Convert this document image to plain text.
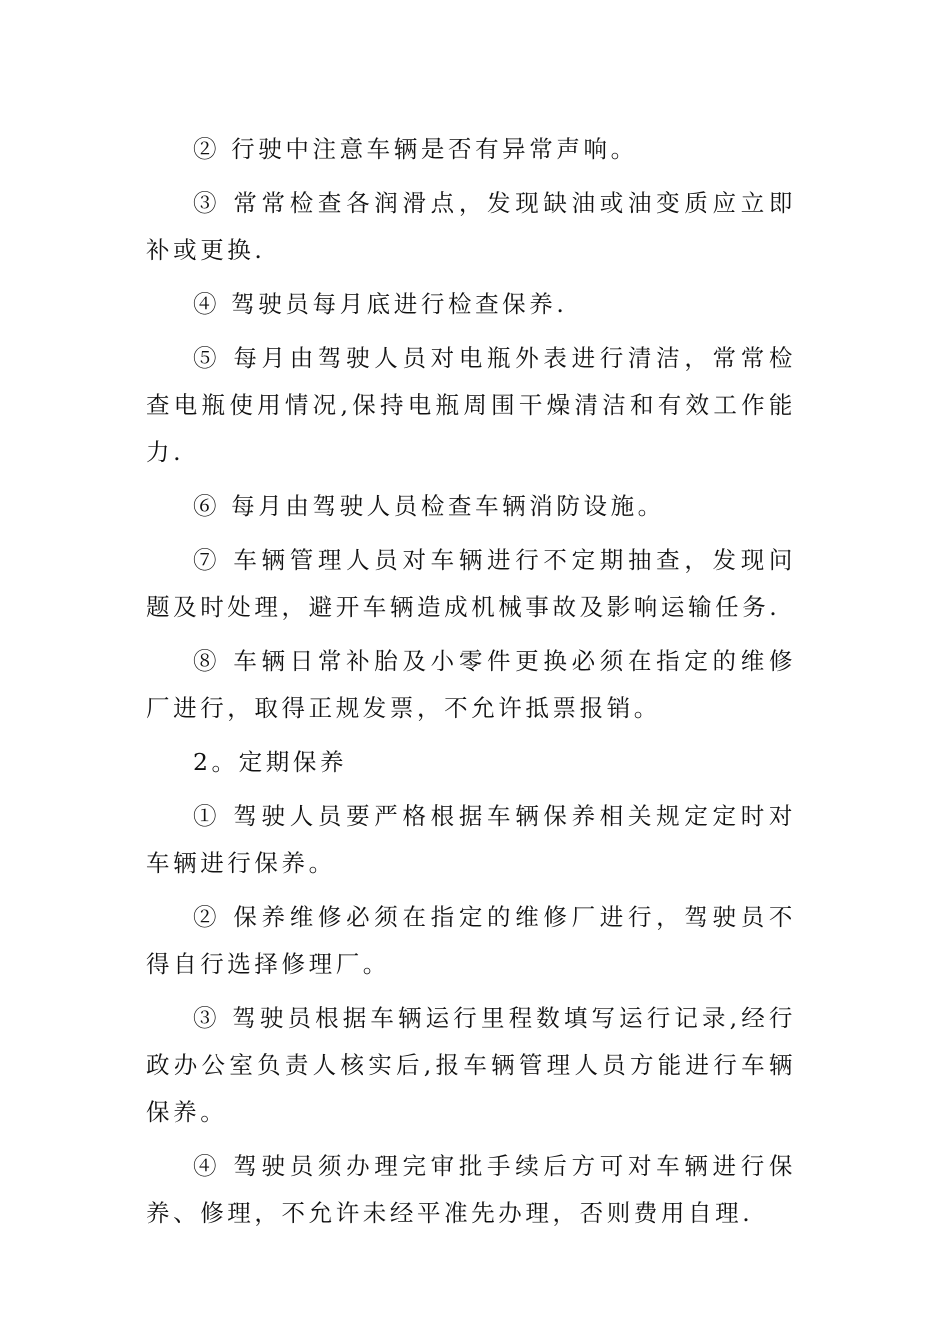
② 行驶中注意车辆是否有异常声响。

③ 常常检查各润滑点，发现缺油或油变质应立即补或更换.

④ 驾驶员每月底进行检查保养.

⑤ 每月由驾驶人员对电瓶外表进行清洁，常常检查电瓶使用情况,保持电瓶周围干燥清洁和有效工作能力.

⑥ 每月由驾驶人员检查车辆消防设施。

⑦ 车辆管理人员对车辆进行不定期抽查，发现问题及时处理，避开车辆造成机械事故及影响运输任务.

⑧ 车辆日常补胎及小零件更换必须在指定的维修厂进行，取得正规发票，不允许抵票报销。

2。定期保养

① 驾驶人员要严格根据车辆保养相关规定定时对车辆进行保养。

② 保养维修必须在指定的维修厂进行，驾驶员不得自行选择修理厂。

③ 驾驶员根据车辆运行里程数填写运行记录,经行政办公室负责人核实后,报车辆管理人员方能进行车辆保养。

④ 驾驶员须办理完审批手续后方可对车辆进行保养、修理，不允许未经平准先办理，否则费用自理.
